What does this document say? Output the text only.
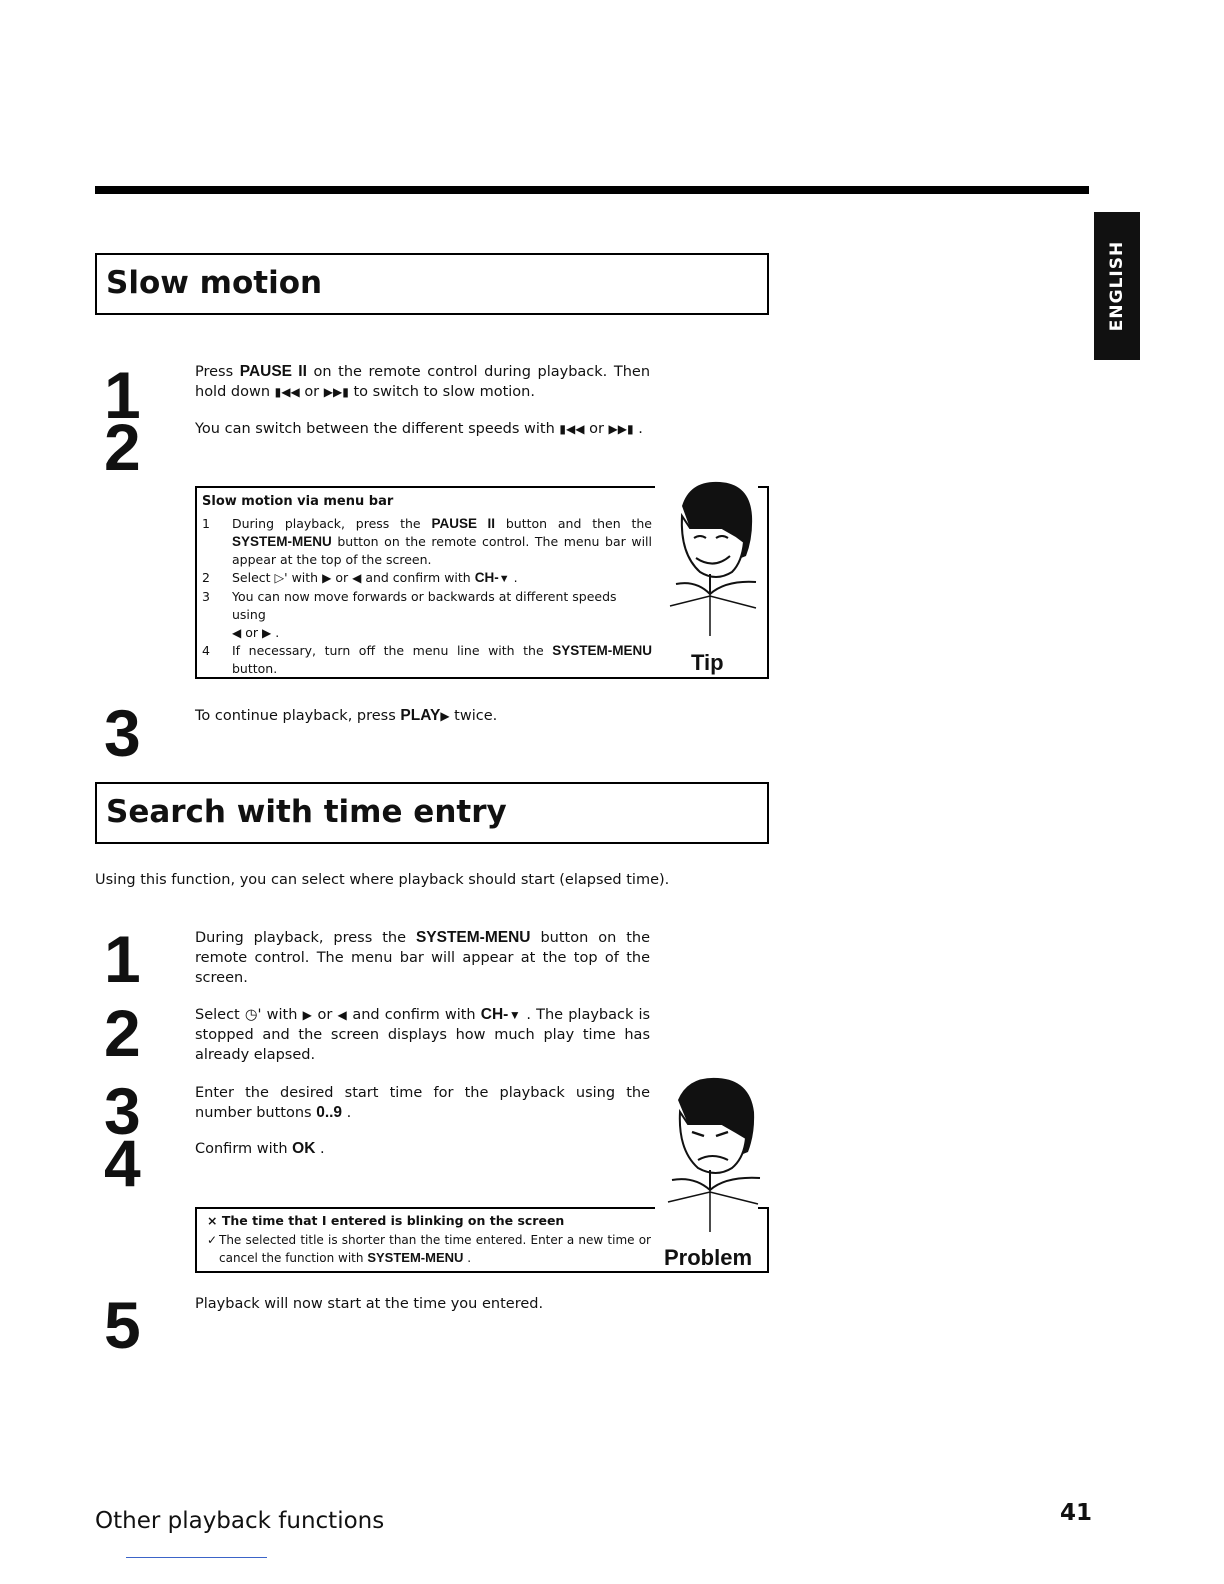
ENGLISH
Slow motion
1
2
Press PAUSE II on the remote control during playback. Then hold down ▮◀◀ or ▶▶▮ to switch to slow motion.
You can switch between the different speeds with ▮◀◀ or ▶▶▮ .
Slow motion via menu bar
1	During playback, press the PAUSE II button and then the SYSTEM-MENU button on the remote control. The menu bar will appear at the top of the screen.
2	Select ▷' with ▶ or ◀ and confirm with CH-▼ .
3	You can now move forwards or backwards at different speeds using
◀ or ▶ .
4	If necessary, turn off the menu line with the SYSTEM-MENU button.	Tip
3	To continue playback, press PLAY▶ twice.
Search with time entry
Using this function, you can select where playback should start (elapsed time).
1	During playback, press the SYSTEM-MENU button on the remote control. The menu bar will appear at the top of the screen.
2	Select ◷' with ▶ or ◀ and confirm with CH-▼ . The playback is stopped and the screen displays how much play time has already elapsed.
3	Enter the desired start time for the playback using the number buttons 0..9 .
4	Confirm with OK .
× The time that I entered is blinking on the screen
✓ The selected title is shorter than the time entered. Enter a new time or cancel the function with SYSTEM-MENU .	Problem
5	Playback will now start at the time you entered.
Other playback functions	41
